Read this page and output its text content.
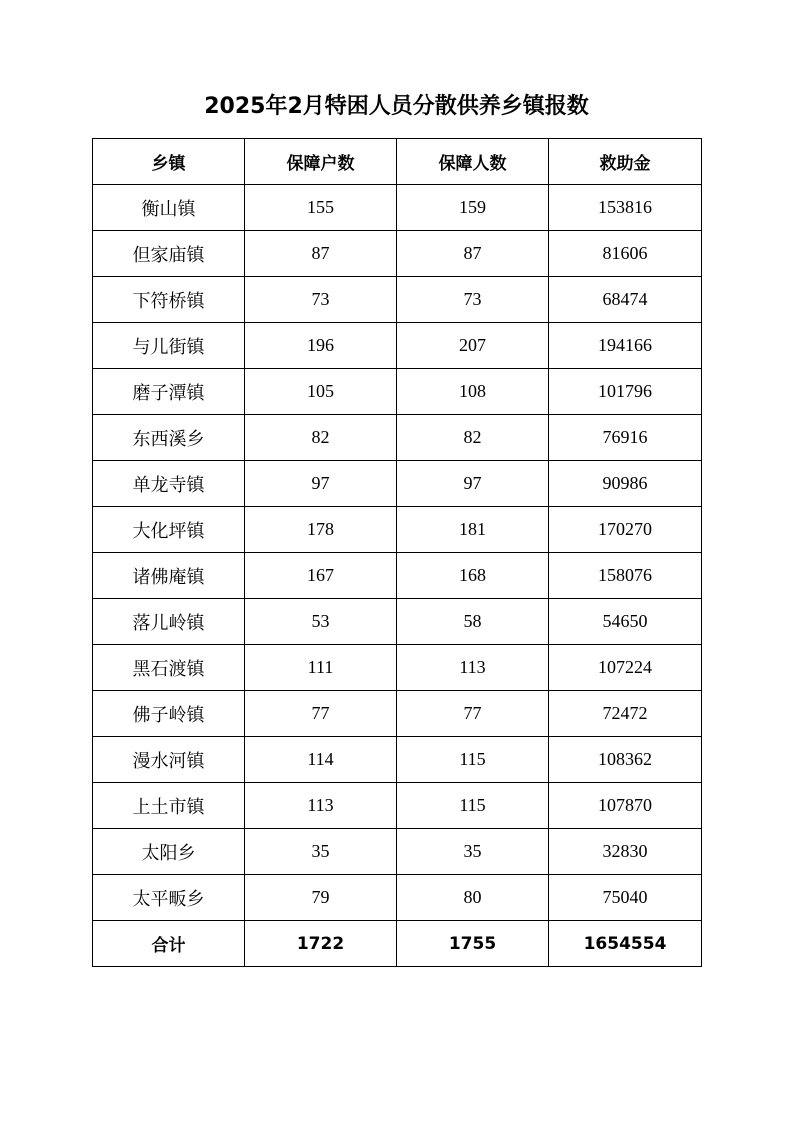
2025年2月特困人员分散供养乡镇报数
乡镇	保障户数	保障人数	救助金
衡山镇	155	159	153816
但家庙镇	87	87	81606
下符桥镇	73	73	68474
与儿街镇	196	207	194166
磨子潭镇	105	108	101796
东西溪乡	82	82	76916
单龙寺镇	97	97	90986
大化坪镇	178	181	170270
诸佛庵镇	167	168	158076
落儿岭镇	53	58	54650
黑石渡镇	111	113	107224
佛子岭镇	77	77	72472
漫水河镇	114	115	108362
上土市镇	113	115	107870
太阳乡	35	35	32830
太平畈乡	79	80	75040
合计	1722	1755	1654554
